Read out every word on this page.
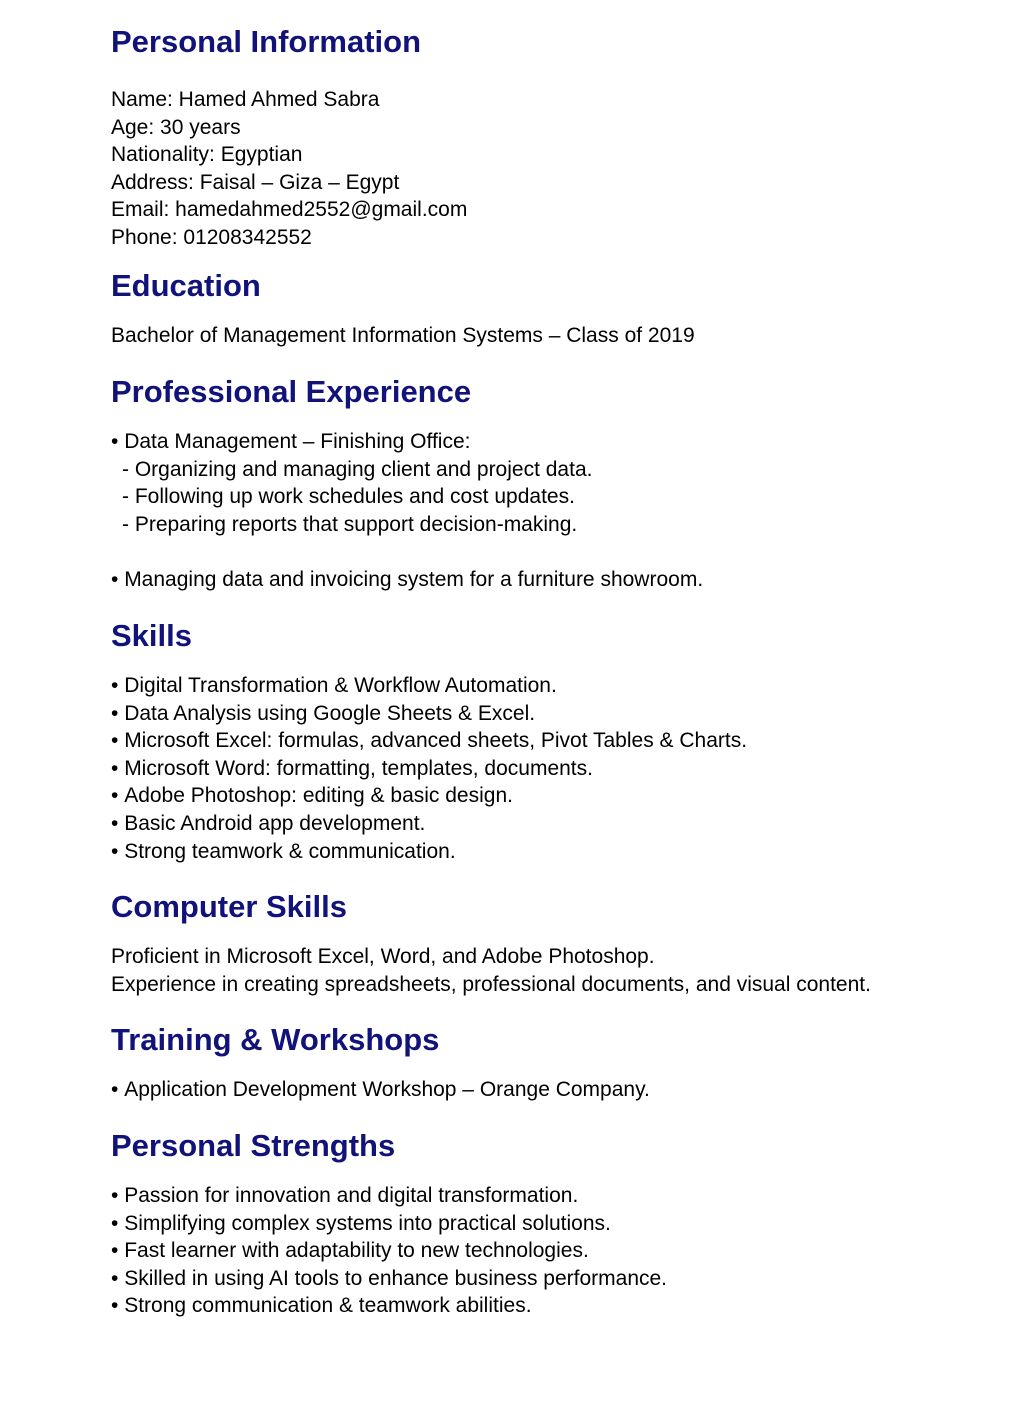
Personal Information
Name: Hamed Ahmed Sabra
Age: 30 years
Nationality: Egyptian
Address: Faisal – Giza – Egypt
Email: hamedahmed2552@gmail.com
Phone: 01208342552
Education
Bachelor of Management Information Systems – Class of 2019
Professional Experience
• Data Management – Finishing Office:
- Organizing and managing client and project data.
- Following up work schedules and cost updates.
- Preparing reports that support decision-making.
• Managing data and invoicing system for a furniture showroom.
Skills
• Digital Transformation & Workflow Automation.
• Data Analysis using Google Sheets & Excel.
• Microsoft Excel: formulas, advanced sheets, Pivot Tables & Charts.
• Microsoft Word: formatting, templates, documents.
• Adobe Photoshop: editing & basic design.
• Basic Android app development.
• Strong teamwork & communication.
Computer Skills
Proficient in Microsoft Excel, Word, and Adobe Photoshop.
Experience in creating spreadsheets, professional documents, and visual content.
Training & Workshops
• Application Development Workshop – Orange Company.
Personal Strengths
• Passion for innovation and digital transformation.
• Simplifying complex systems into practical solutions.
• Fast learner with adaptability to new technologies.
• Skilled in using AI tools to enhance business performance.
• Strong communication & teamwork abilities.
